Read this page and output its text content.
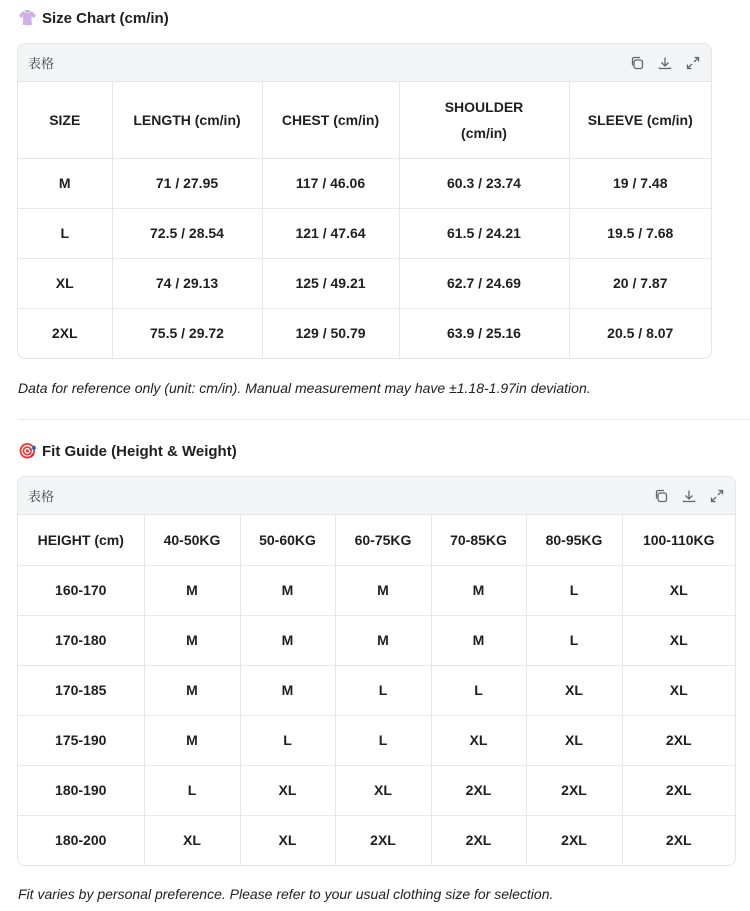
👚 Size Chart (cm/in)
表格
SIZE	LENGTH (cm/in)	CHEST (cm/in)	SHOULDER (cm/in)	SLEEVE (cm/in)
M	71 / 27.95	117 / 46.06	60.3 / 23.74	19 / 7.48
L	72.5 / 28.54	121 / 47.64	61.5 / 24.21	19.5 / 7.68
XL	74 / 29.13	125 / 49.21	62.7 / 24.69	20 / 7.87
2XL	75.5 / 29.72	129 / 50.79	63.9 / 25.16	20.5 / 8.07
Data for reference only (unit: cm/in). Manual measurement may have ±1.18-1.97in deviation.
🎯 Fit Guide (Height & Weight)
表格
HEIGHT (cm)	40-50KG	50-60KG	60-75KG	70-85KG	80-95KG	100-110KG
160-170	M	M	M	M	L	XL
170-180	M	M	M	M	L	XL
170-185	M	M	L	L	XL	XL
175-190	M	L	L	XL	XL	2XL
180-190	L	XL	XL	2XL	2XL	2XL
180-200	XL	XL	2XL	2XL	2XL	2XL
Fit varies by personal preference. Please refer to your usual clothing size for selection.
